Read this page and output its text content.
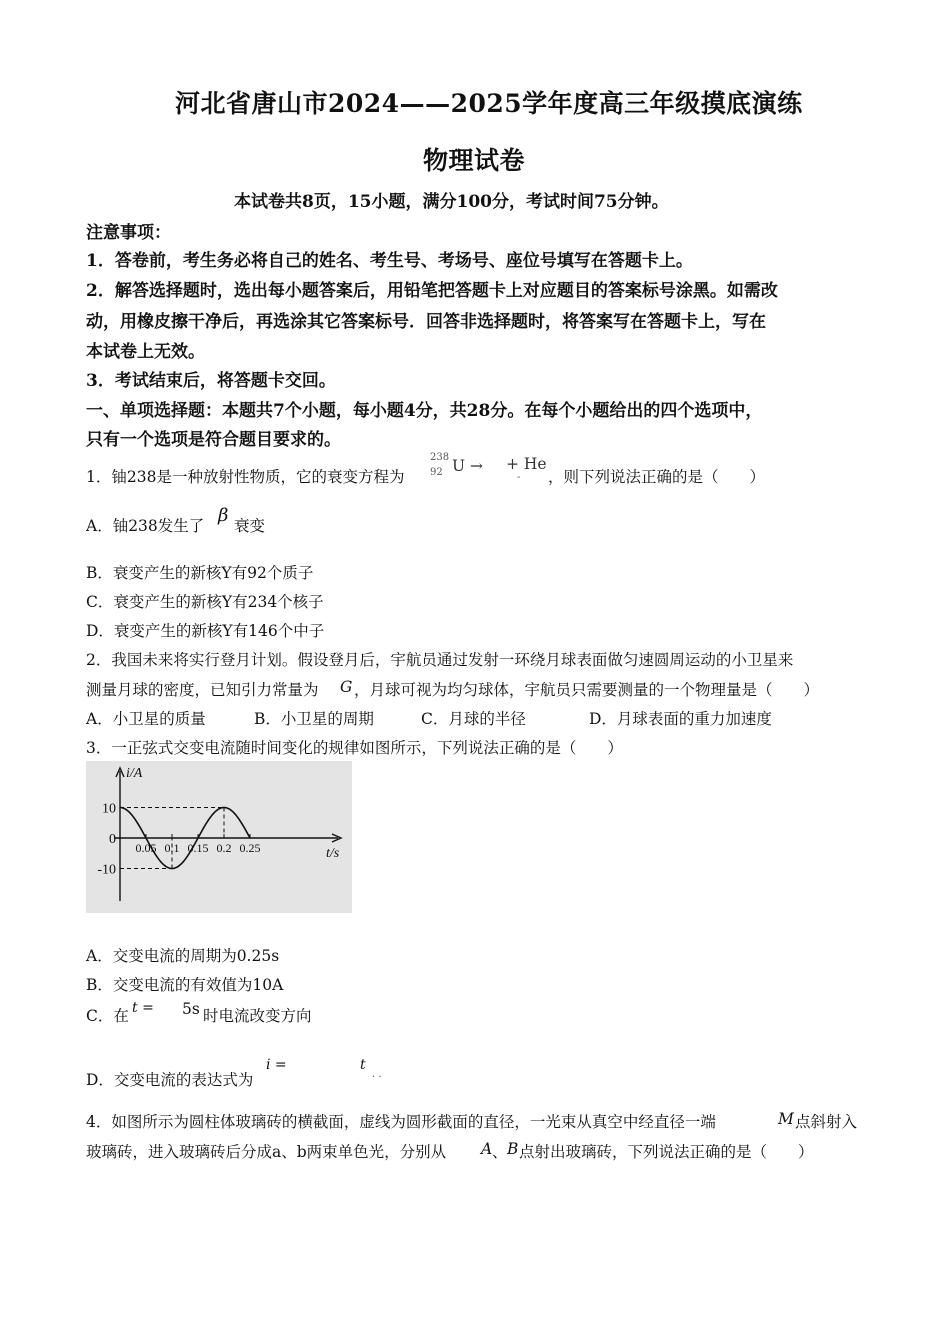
河北省唐山市2024——2025学年度高三年级摸底演练
物理试卷
本试卷共8页，15小题，满分100分，考试时间75分钟。
注意事项：
1．答卷前，考生务必将自己的姓名、考生号、考场号、座位号填写在答题卡上。
2．解答选择题时，选出每小题答案后，用铅笔把答题卡上对应题目的答案标号涂黑。如需改
动，用橡皮擦干净后，再选涂其它答案标号．回答非选择题时，将答案写在答题卡上，写在
本试卷上无效。
3．考试结束后，将答题卡交回。
一、单项选择题：本题共7个小题，每小题4分，共28分。在每个小题给出的四个选项中，
只有一个选项是符合题目要求的。
1．铀238是一种放射性物质，它的衰变方程为
238
92 U → + He
- ，则下列说法正确的是（　　）
A．铀238发生了 β 衰变
B．衰变产生的新核Y有92个质子
C．衰变产生的新核Y有234个核子
D．衰变产生的新核Y有146个中子
2．我国未来将实行登月计划。假设登月后，宇航员通过发射一环绕月球表面做匀速圆周运动的小卫星来
测量月球的密度，已知引力常量为 G ，月球可视为均匀球体，宇航员只需要测量的一个物理量是（　　）
A．小卫星的质量	B．小卫星的周期	C．月球的半径	D．月球表面的重力加速度
3．一正弦式交变电流随时间变化的规律如图所示，下列说法正确的是（　　）
10
0
-10
0.05 0.1 0.15 0.2 0.25
i/A
t/s
A．交变电流的周期为0.25s
B．交变电流的有效值为10A
C．在 t = 5s 时电流改变方向
D．交变电流的表达式为
i =	t
. .
4．如图所示为圆柱体玻璃砖的横截面，虚线为圆形截面的直径，一光束从真空中经直径一端	M 点斜射入
玻璃砖，进入玻璃砖后分成a、b两束单色光，分别从 A 、 B 点射出玻璃砖，下列说法正确的是（　　）
